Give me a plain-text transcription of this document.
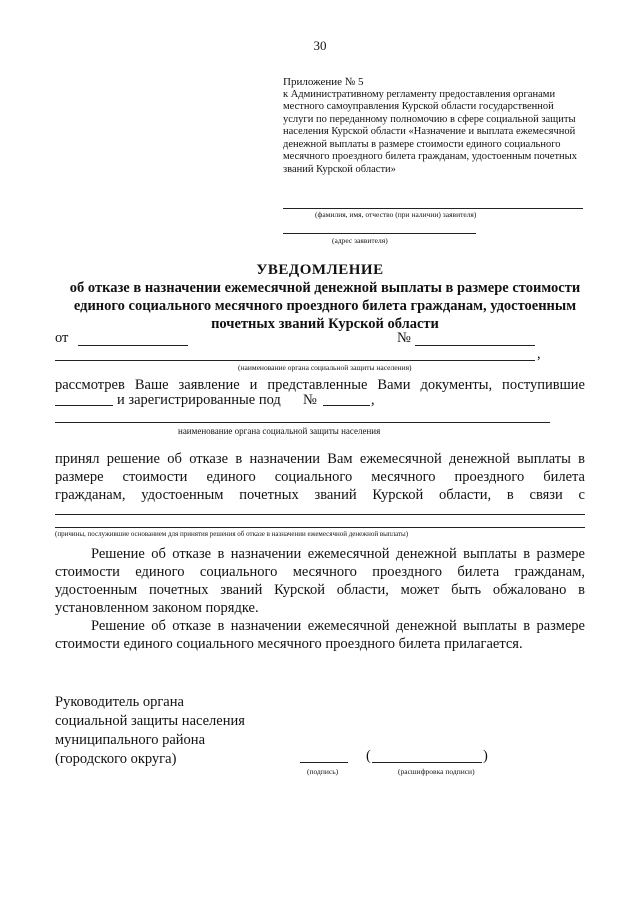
30
Приложение № 5
к Административному регламенту предоставления органами местного самоуправления Курской области государственной услуги по переданному полномочию в сфере социальной защиты населения Курской области «Назначение и выплата ежемесячной денежной выплаты в размере стоимости единого социального месячного проездного билета гражданам, удостоенным почетных званий Курской области»
(фамилия, имя, отчество (при наличии) заявителя)
(адрес заявителя)
УВЕДОМЛЕНИЕ
об отказе в назначении ежемесячной денежной выплаты в размере стоимости единого социального месячного проездного билета гражданам, удостоенным почетных званий Курской области
от	№
,
(наименование органа социальной защиты населения)
рассмотрев Ваше заявление и представленные Вами документы, поступившие
и зарегистрированные под №	,
наименование органа социальной защиты населения
принял решение об отказе в назначении Вам ежемесячной денежной выплаты в
размере стоимости единого социального месячного проездного билета
гражданам, удостоенным почетных званий Курской области, в связи с
(причины, послужившие основанием для принятия решения об отказе в назначении ежемесячной денежной выплаты)
Решение об отказе в назначении ежемесячной денежной выплаты в размере стоимости единого социального месячного проездного билета гражданам, удостоенным почетных званий Курской области, может быть обжаловано в установленном законом порядке.
Решение об отказе в назначении ежемесячной денежной выплаты в размере стоимости единого социального месячного проездного билета прилагается.
Руководитель органа
социальной защиты населения
муниципального района
(городского округа)
(подпись)
(	)
(расшифровка подписи)
